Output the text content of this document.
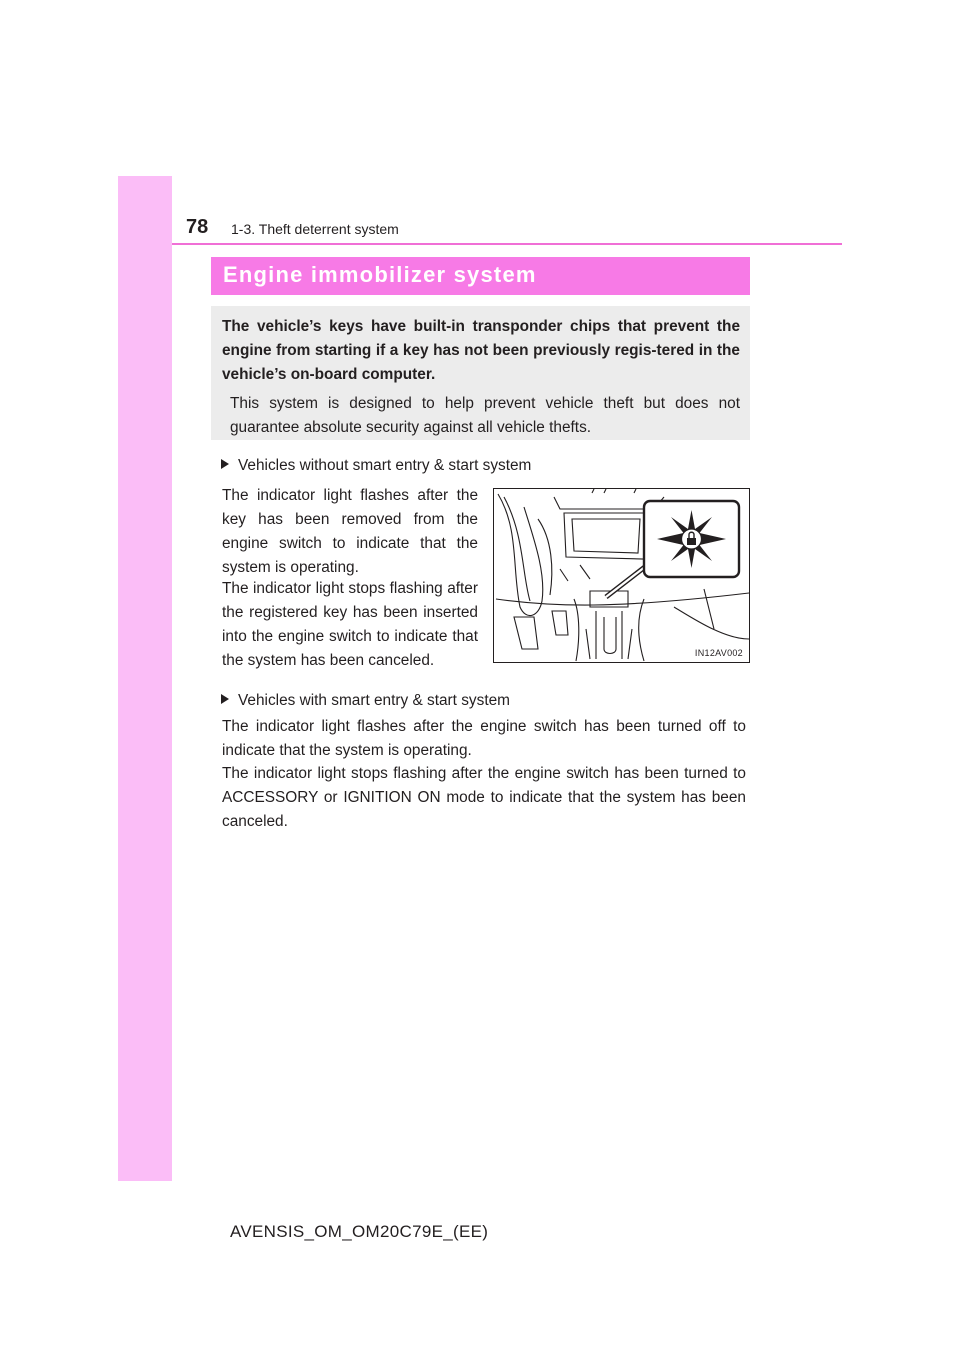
78 1-3. Theft deterrent system
Engine immobilizer system

The vehicle’s keys have built-in transponder chips that prevent the engine from starting if a key has not been previously regis-tered in the vehicle’s on-board computer.

This system is designed to help prevent vehicle theft but does not guarantee absolute security against all vehicle thefts.

Vehicles without smart entry & start system

The indicator light flashes after the key has been removed from the engine switch to indicate that the system is operating.

The indicator light stops flashing after the registered key has been inserted into the engine switch to indicate that the system has been canceled.	IN12AV002
Vehicles with smart entry & start system

The indicator light flashes after the engine switch has been turned off to indicate that the system is operating.

The indicator light stops flashing after the engine switch has been turned to ACCESSORY or IGNITION ON mode to indicate that the system has been canceled.

AVENSIS_OM_OM20C79E_(EE)
